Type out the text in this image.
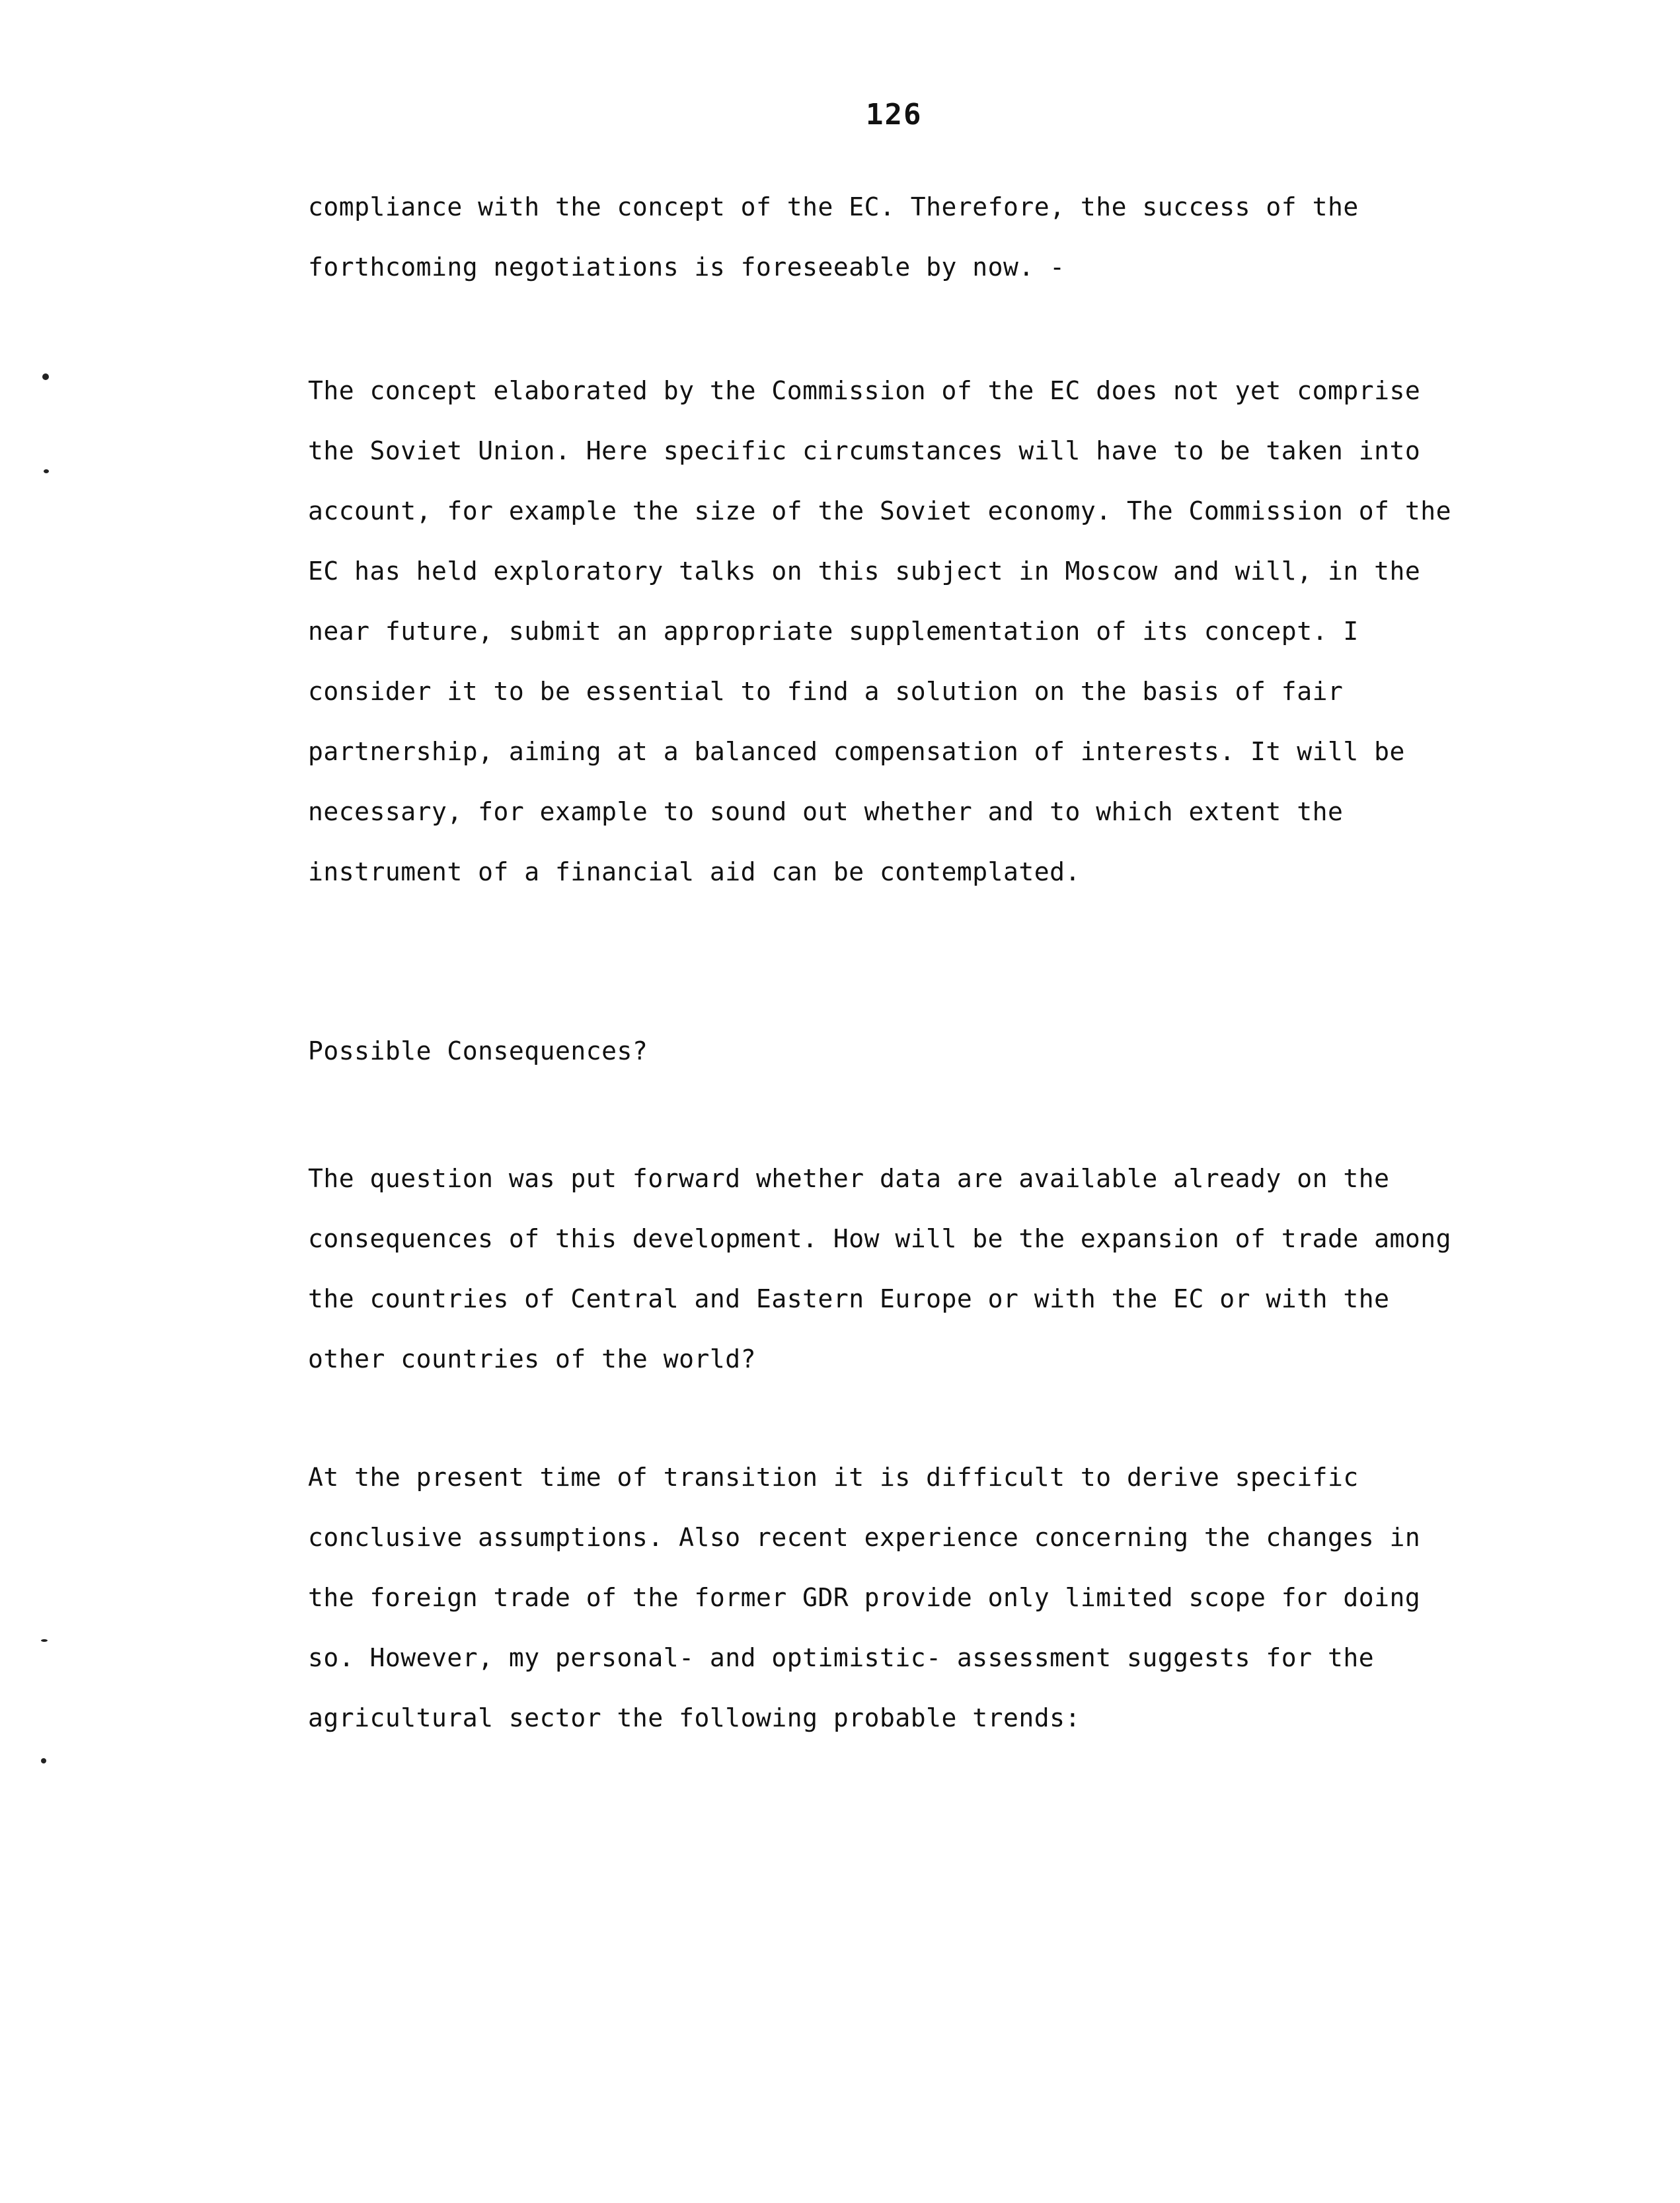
126
compliance with the concept of the EC. Therefore, the success of the
forthcoming negotiations is foreseeable by now. -
The concept elaborated by the Commission of the EC does not yet comprise
the Soviet Union. Here specific circumstances will have to be taken into
account, for example the size of the Soviet economy. The Commission of the
EC has held exploratory talks on this subject in Moscow and will, in the
near future, submit an appropriate supplementation of its concept. I
consider it to be essential to find a solution on the basis of fair
partnership, aiming at a balanced compensation of interests. It will be
necessary, for example to sound out whether and to which extent the
instrument of a financial aid can be contemplated.
Possible Consequences?
The question was put forward whether data are available already on the
consequences of this development. How will be the expansion of trade among
the countries of Central and Eastern Europe or with the EC or with the
other countries of the world?
At the present time of transition it is difficult to derive specific
conclusive assumptions. Also recent experience concerning the changes in
the foreign trade of the former GDR provide only limited scope for doing
so. However, my personal- and optimistic- assessment suggests for the
agricultural sector the following probable trends:
